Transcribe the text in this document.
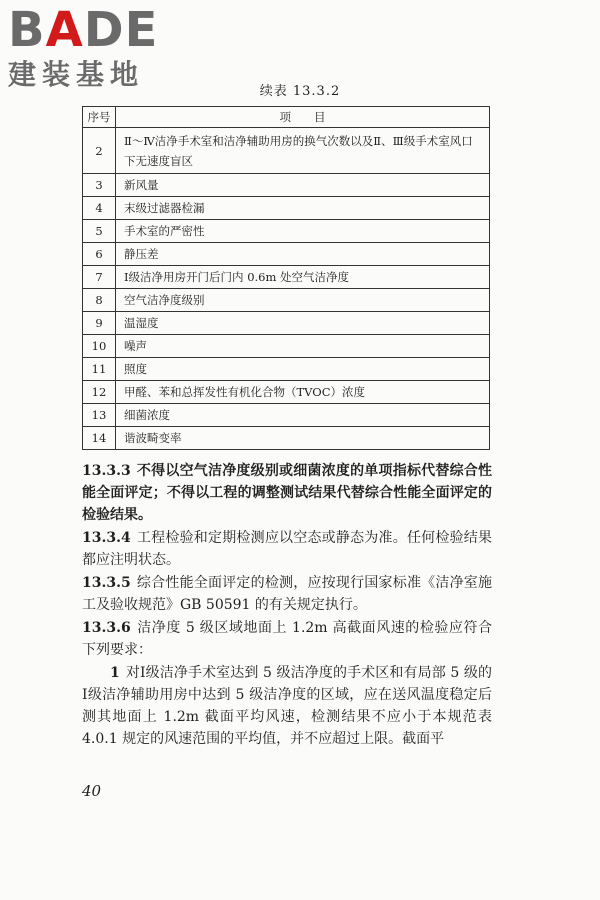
BADE
建装基地
续表 13.3.2
序号	项　　目
2	Ⅱ～Ⅳ洁净手术室和洁净辅助用房的换气次数以及Ⅱ、Ⅲ级手术室风口下无速度盲区
3	新风量
4	末级过滤器检漏
5	手术室的严密性
6	静压差
7	Ⅰ级洁净用房开门后门内 0.6m 处空气洁净度
8	空气洁净度级别
9	温湿度
10	噪声
11	照度
12	甲醛、苯和总挥发性有机化合物（TVOC）浓度
13	细菌浓度
14	谐波畸变率

13.3.3 不得以空气洁净度级别或细菌浓度的单项指标代替综合性能全面评定；不得以工程的调整测试结果代替综合性能全面评定的检验结果。

13.3.4 工程检验和定期检测应以空态或静态为准。任何检验结果都应注明状态。

13.3.5 综合性能全面评定的检测，应按现行国家标准《洁净室施工及验收规范》GB 50591 的有关规定执行。

13.3.6 洁净度 5 级区域地面上 1.2m 高截面风速的检验应符合下列要求：

1 对Ⅰ级洁净手术室达到 5 级洁净度的手术区和有局部 5 级的Ⅰ级洁净辅助用房中达到 5 级洁净度的区域，应在送风温度稳定后测其地面上 1.2m 截面平均风速，检测结果不应小于本规范表 4.0.1 规定的风速范围的平均值，并不应超过上限。截面平

40
